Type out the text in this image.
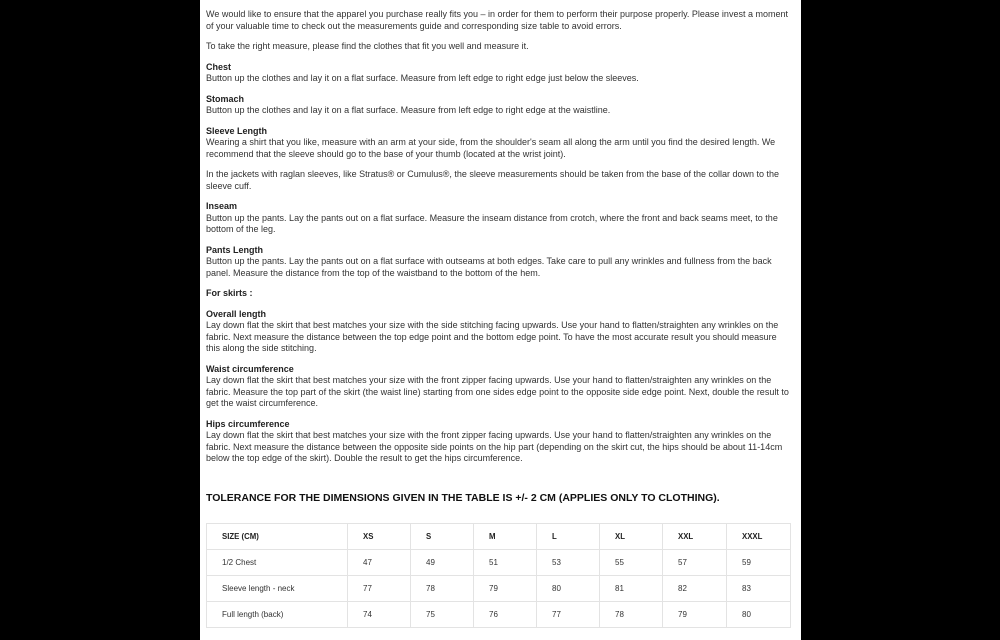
We would like to ensure that the apparel you purchase really fits you – in order for them to perform their purpose properly. Please invest a moment of your valuable time to check out the measurements guide and corresponding size table to avoid errors.

To take the right measure, please find the clothes that fit you well and measure it.

Chest

Button up the clothes and lay it on a flat surface. Measure from left edge to right edge just below the sleeves.

Stomach

Button up the clothes and lay it on a flat surface. Measure from left edge to right edge at the waistline.

Sleeve Length

Wearing a shirt that you like, measure with an arm at your side, from the shoulder's seam all along the arm until you find the desired length. We recommend that the sleeve should go to the base of your thumb (located at the wrist joint).

In the jackets with raglan sleeves, like Stratus® or Cumulus®, the sleeve measurements should be taken from the base of the collar down to the sleeve cuff.

Inseam

Button up the pants. Lay the pants out on a flat surface. Measure the inseam distance from crotch, where the front and back seams meet, to the bottom of the leg.

Pants Length

Button up the pants. Lay the pants out on a flat surface with outseams at both edges. Take care to pull any wrinkles and fullness from the back panel. Measure the distance from the top of the waistband to the bottom of the hem.

For skirts :
Overall length

Lay down flat the skirt that best matches your size with the side stitching facing upwards. Use your hand to flatten/straighten any wrinkles on the fabric. Next measure the distance between the top edge point and the bottom edge point. To have the most accurate result you should measure this along the side stitching.

Waist circumference

Lay down flat the skirt that best matches your size with the front zipper facing upwards. Use your hand to flatten/straighten any wrinkles on the fabric. Measure the top part of the skirt (the waist line) starting from one sides edge point to the opposite side edge point. Next, double the result to get the waist circumference.

Hips circumference

Lay down flat the skirt that best matches your size with the front zipper facing upwards. Use your hand to flatten/straighten any wrinkles on the fabric. Next measure the distance between the opposite side points on the hip part (depending on the skirt cut, the hips should be about 11-14cm below the top edge of the skirt). Double the result to get the hips circumference.

TOLERANCE FOR THE DIMENSIONS GIVEN IN THE TABLE IS +/- 2 CM (APPLIES ONLY TO CLOTHING).
SIZE (CM)	XS	S	M	L	XL	XXL	XXXL
1/2 Chest	47	49	51	53	55	57	59
Sleeve length - neck	77	78	79	80	81	82	83
Full length (back)	74	75	76	77	78	79	80
